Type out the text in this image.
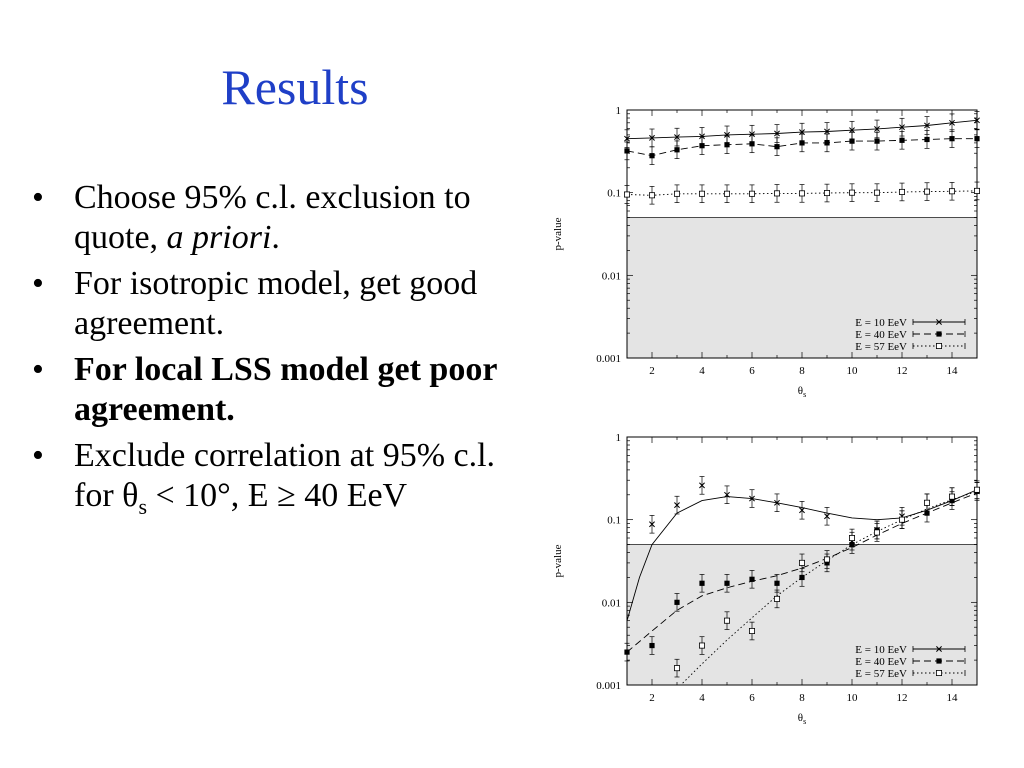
Results
• Choose 95% c.l. exclusion to quote, a priori.
• For isotropic model, get good agreement.
• For local LSS model get poor agreement.
• Exclude correlation at 95% c.l. for $\theta_s < 10^\circ$, E ≥ 40 EeV
0.001
0.01
0.1
1
2	4	6	8	10	12	14
$\theta_s$
p-value
E = 10 EeV
E = 40 EeV
E = 57 EeV
0.001
0.01
0.1
1
2	4	6	8	10	12	14
$\theta_s$
p-value
E = 10 EeV
E = 40 EeV
E = 57 EeV
